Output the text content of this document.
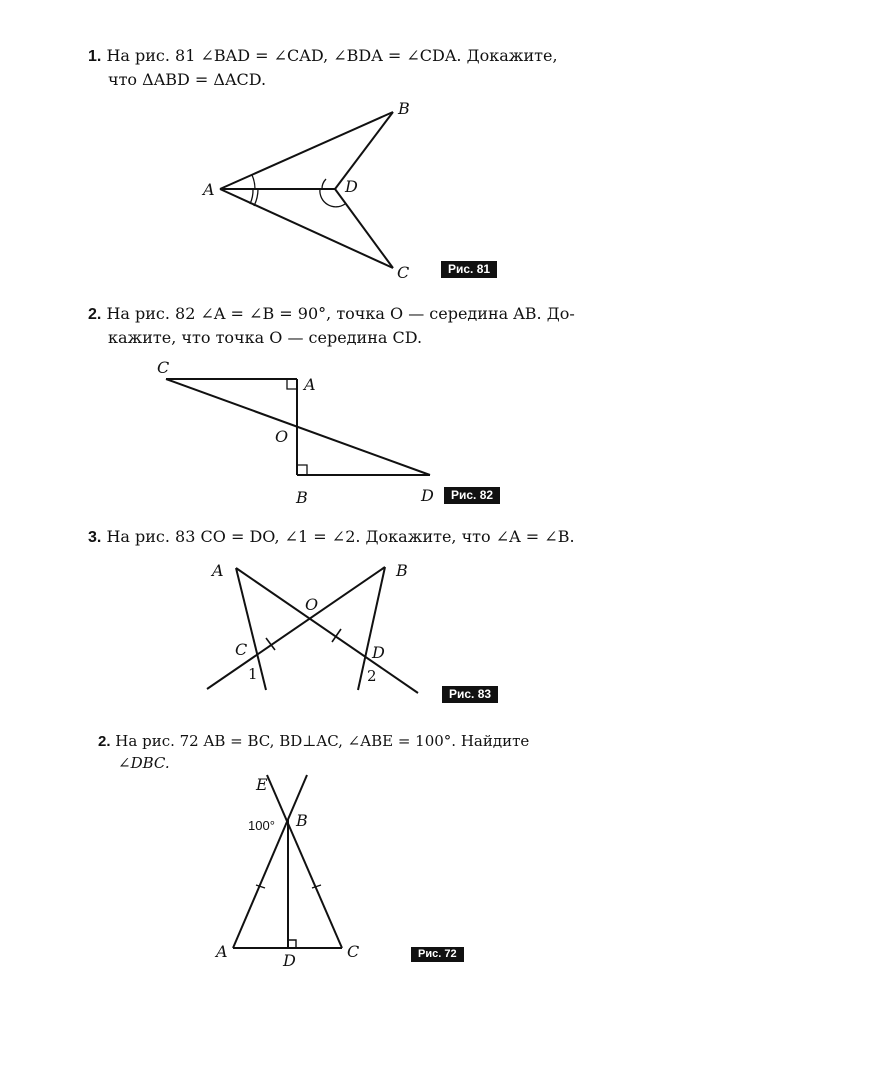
1. На рис. 81 ∠BAD = ∠CAD, ∠BDA = ∠CDA. Докажите,

что ΔABD = ΔACD.

A
B
C
D
Рис. 81

2. На рис. 82 ∠A = ∠B = 90°, точка O — середина AB. До-

кажите, что точка O — середина CD.

C
A
O
B	D	Рис. 82

3. На рис. 83 CO = DO, ∠1 = ∠2. Докажите, что ∠A = ∠B.

A	B
O
C	D
1	2
Рис. 83

2. На рис. 72 AB = BC, BD⊥AC, ∠ABE = 100°. Найдите

∠DBC.

E
100° B
A	D	C	Рис. 72
